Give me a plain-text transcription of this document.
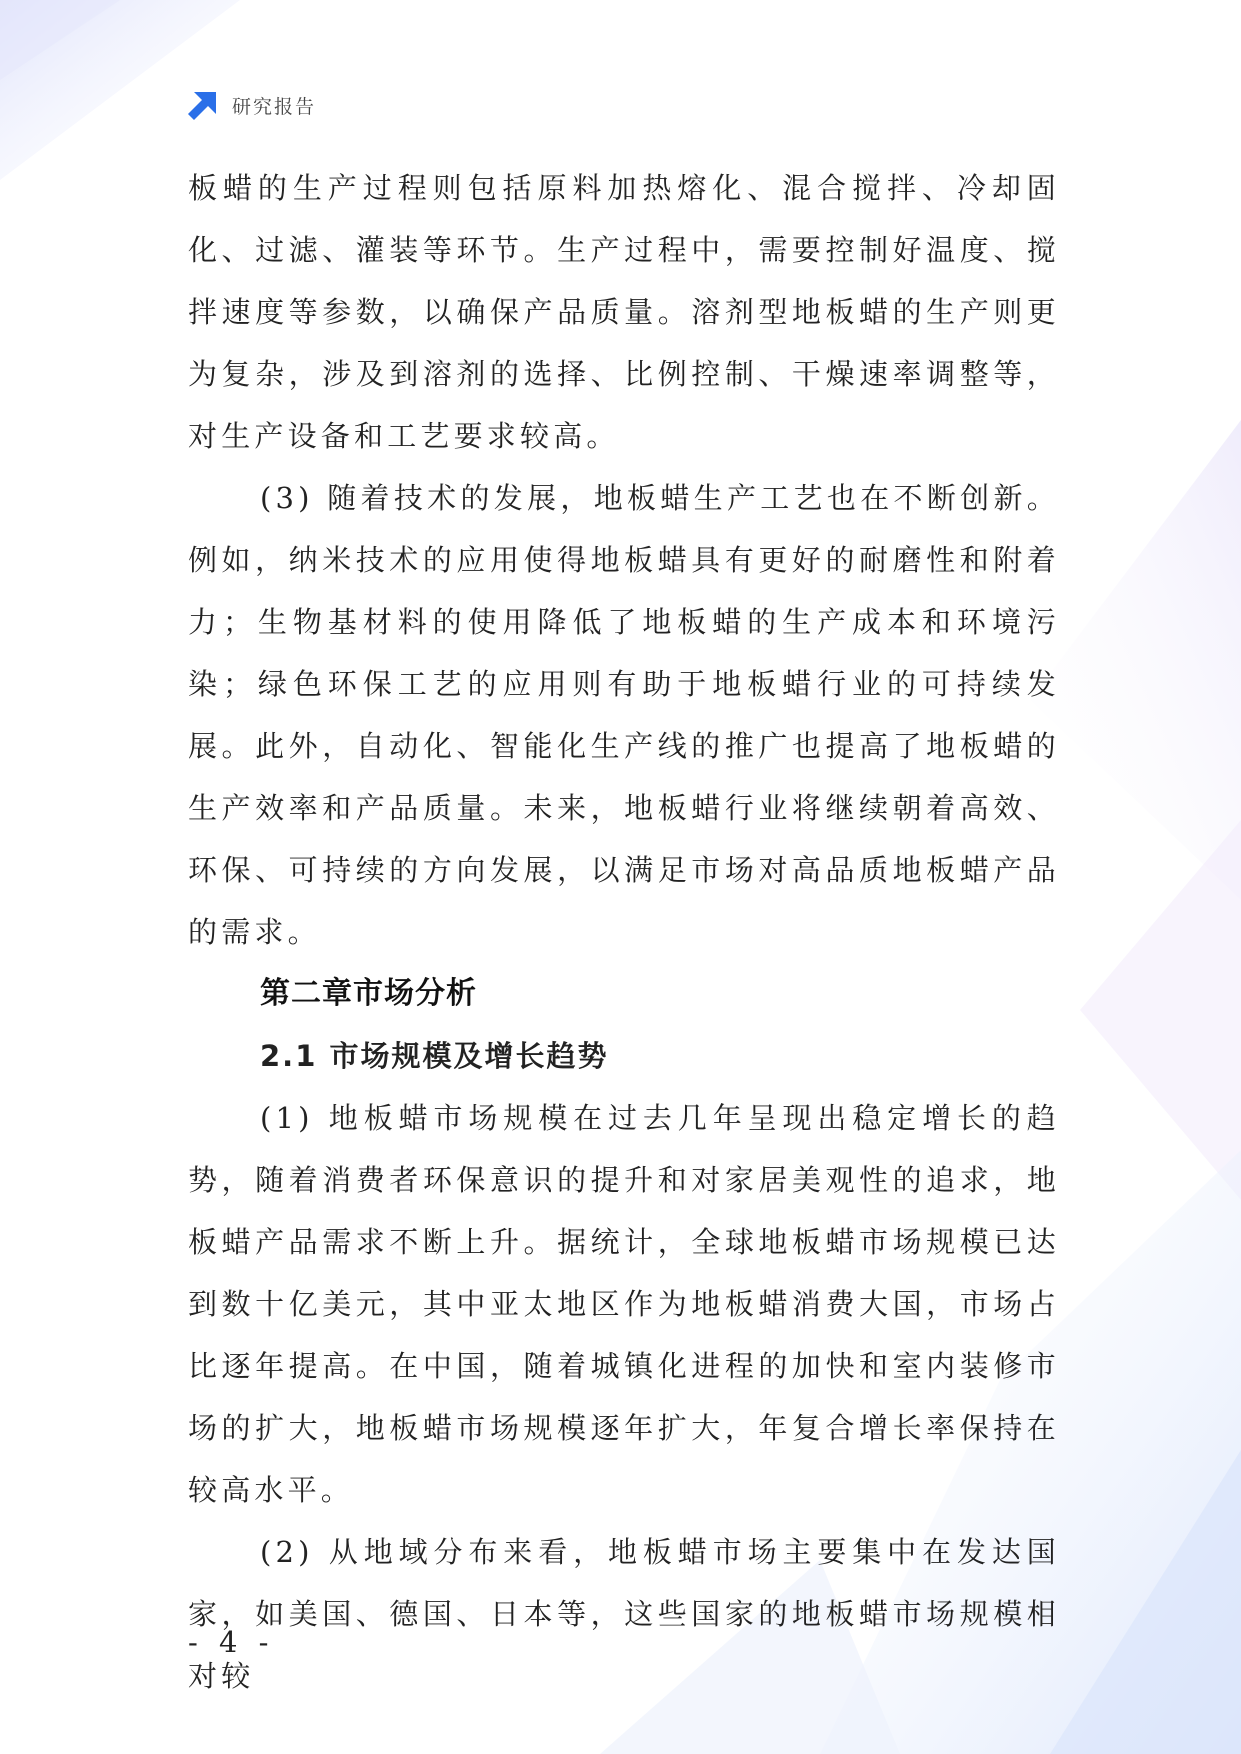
研究报告

板蜡的生产过程则包括原料加热熔化、混合搅拌、冷却固化、过滤、灌装等环节。生产过程中，需要控制好温度、搅拌速度等参数，以确保产品质量。溶剂型地板蜡的生产则更为复杂，涉及到溶剂的选择、比例控制、干燥速率调整等，对生产设备和工艺要求较高。

(3) 随着技术的发展，地板蜡生产工艺也在不断创新。例如，纳米技术的应用使得地板蜡具有更好的耐磨性和附着力；生物基材料的使用降低了地板蜡的生产成本和环境污染；绿色环保工艺的应用则有助于地板蜡行业的可持续发展。此外，自动化、智能化生产线的推广也提高了地板蜡的生产效率和产品质量。未来，地板蜡行业将继续朝着高效、环保、可持续的方向发展，以满足市场对高品质地板蜡产品的需求。

第二章市场分析
2.1 市场规模及增长趋势

(1) 地板蜡市场规模在过去几年呈现出稳定增长的趋势，随着消费者环保意识的提升和对家居美观性的追求，地板蜡产品需求不断上升。据统计，全球地板蜡市场规模已达到数十亿美元，其中亚太地区作为地板蜡消费大国，市场占比逐年提高。在中国，随着城镇化进程的加快和室内装修市场的扩大，地板蜡市场规模逐年扩大，年复合增长率保持在较高水平。

(2) 从地域分布来看，地板蜡市场主要集中在发达国家，如美国、德国、日本等，这些国家的地板蜡市场规模相对较

- 4 -
